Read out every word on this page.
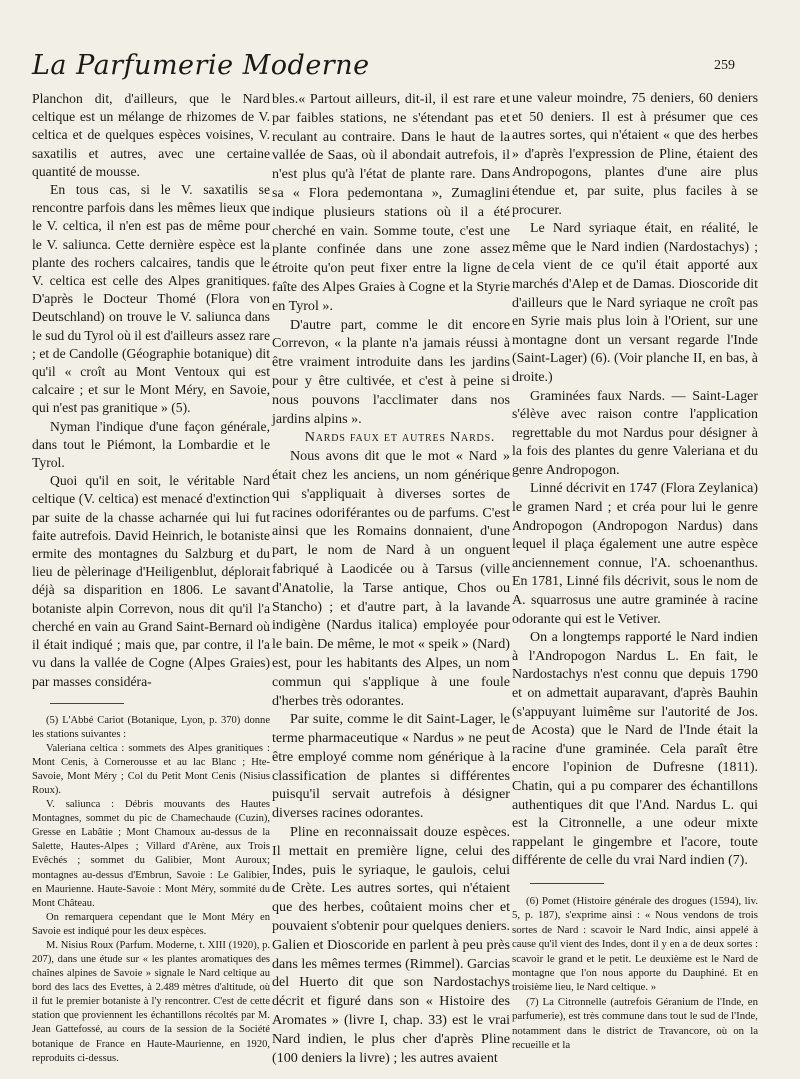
La Parfumerie Moderne	259

Planchon dit, d'ailleurs, que le Nard celtique est un mélange de rhizomes de V. celtica et de quelques espèces voisines, V. saxatilis et autres, avec une certaine quantité de mousse.

En tous cas, si le V. saxatilis se rencontre parfois dans les mêmes lieux que le V. celtica, il n'en est pas de même pour le V. saliunca. Cette dernière espèce est la plante des rochers calcaires, tandis que le V. celtica est celle des Alpes granitiques. D'après le Docteur Thomé (Flora von Deutschland) on trouve le V. saliunca dans le sud du Tyrol où il est d'ailleurs assez rare ; et de Candolle (Géographie botanique) dit qu'il « croît au Mont Ventoux qui est calcaire ; et sur le Mont Méry, en Savoie, qui n'est pas granitique » (5).

Nyman l'indique d'une façon générale, dans tout le Piémont, la Lombardie et le Tyrol.

Quoi qu'il en soit, le véritable Nard celtique (V. celtica) est menacé d'extinction par suite de la chasse acharnée qui lui fut faite autrefois. David Heinrich, le botaniste ermite des montagnes du Salzburg et du lieu de pèlerinage d'Heiligenblut, déplorait déjà sa disparition en 1806. Le savant botaniste alpin Correvon, nous dit qu'il l'a cherché en vain au Grand Saint-Bernard où il était indiqué ; mais que, par contre, il l'a vu dans la vallée de Cogne (Alpes Graies) par masses considéra-

(5) L'Abbé Cariot (Botanique, Lyon, p. 370) donne les stations suivantes :

Valeriana celtica : sommets des Alpes granitiques : Mont Cenis, à Cornerousse et au lac Blanc ; Hte-Savoie, Mont Méry ; Col du Petit Mont Cenis (Nisius Roux).

V. saliunca : Débris mouvants des Hautes Montagnes, sommet du pic de Chamechaude (Cuzin), Gresse en Labâtie ; Mont Chamoux au-dessus de la Salette, Hautes-Alpes ; Villard d'Arène, aux Trois Evêchés ; sommet du Galibier, Mont Auroux; montagnes au-dessus d'Embrun, Savoie : Le Galibier, en Maurienne. Haute-Savoie : Mont Méry, sommité du Mont Château.

On remarquera cependant que le Mont Méry en Savoie est indiqué pour les deux espèces.

M. Nisius Roux (Parfum. Moderne, t. XIII (1920), p. 207), dans une étude sur « les plantes aromatiques des chaînes alpines de Savoie » signale le Nard celtique au bord des lacs des Evettes, à 2.489 mètres d'altitude, où il fut le premier botaniste à l'y rencontrer. C'est de cette station que proviennent les échantillons récoltés par M. Jean Gattefossé, au cours de la session de la Société botanique de France en Haute-Maurienne, en 1920, reproduits ci-dessus.

bles.« Partout ailleurs, dit-il, il est rare et par faibles stations, ne s'étendant pas et reculant au contraire. Dans le haut de la vallée de Saas, où il abondait autrefois, il n'est plus qu'à l'état de plante rare. Dans sa « Flora pedemontana », Zumaglini indique plusieurs stations où il a été cherché en vain. Somme toute, c'est une plante confinée dans une zone assez étroite qu'on peut fixer entre la ligne de faîte des Alpes Graies à Cogne et la Styrie en Tyrol ».

D'autre part, comme le dit encore Correvon, « la plante n'a jamais réussi à être vraiment introduite dans les jardins pour y être cultivée, et c'est à peine si nous pouvons l'acclimater dans nos jardins alpins ».

Nards faux et autres Nards.

Nous avons dit que le mot « Nard » était chez les anciens, un nom générique qui s'appliquait à diverses sortes de racines odoriférantes ou de parfums. C'est ainsi que les Romains donnaient, d'une part, le nom de Nard à un onguent fabriqué à Laodicée ou à Tarsus (ville d'Anatolie, la Tarse antique, Chos ou Stancho) ; et d'autre part, à la lavande indigène (Nardus italica) employée pour le bain. De même, le mot « speik » (Nard) est, pour les habitants des Alpes, un nom commun qui s'applique à une foule d'herbes très odorantes.

Par suite, comme le dit Saint-Lager, le terme pharmaceutique « Nardus » ne peut être employé comme nom générique à la classification de plantes si différentes puisqu'il servait autrefois à désigner diverses racines odorantes.

Pline en reconnaissait douze espèces. Il mettait en première ligne, celui des Indes, puis le syriaque, le gaulois, celui de Crète. Les autres sortes, qui n'étaient que des herbes, coûtaient moins cher et pouvaient s'obtenir pour quelques deniers. Galien et Dioscoride en parlent à peu près dans les mêmes termes (Rimmel). Garcias del Huerto dit que son Nardostachys décrit et figuré dans son « Histoire des Aromates » (livre I, chap. 33) est le vrai Nard indien, le plus cher d'après Pline (100 deniers la livre) ; les autres avaient

une valeur moindre, 75 deniers, 60 deniers et 50 deniers. Il est à présumer que ces autres sortes, qui n'étaient « que des herbes » d'après l'expression de Pline, étaient des Andropogons, plantes d'une aire plus étendue et, par suite, plus faciles à se procurer.

Le Nard syriaque était, en réalité, le même que le Nard indien (Nardostachys) ; cela vient de ce qu'il était apporté aux marchés d'Alep et de Damas. Dioscoride dit d'ailleurs que le Nard syriaque ne croît pas en Syrie mais plus loin à l'Orient, sur une montagne dont un versant regarde l'Inde (Saint-Lager) (6). (Voir planche II, en bas, à droite.)

Graminées faux Nards. — Saint-Lager s'élève avec raison contre l'application regrettable du mot Nardus pour désigner à la fois des plantes du genre Valeriana et du genre Andropogon.

Linné décrivit en 1747 (Flora Zeylanica) le gramen Nard ; et créa pour lui le genre Andropogon (Andropogon Nardus) dans lequel il plaça également une autre espèce anciennement connue, l'A. schoenanthus. En 1781, Linné fils décrivit, sous le nom de A. squarrosus une autre graminée à racine odorante qui est le Vetiver.

On a longtemps rapporté le Nard indien à l'Andropogon Nardus L. En fait, le Nardostachys n'est connu que depuis 1790 et on admettait auparavant, d'après Bauhin (s'appuyant luimême sur l'autorité de Jos. de Acosta) que le Nard de l'Inde était la racine d'une graminée. Cela paraît être encore l'opinion de Dufresne (1811). Chatin, qui a pu comparer des échantillons authentiques dit que l'And. Nardus L. qui est la Citronnelle, a une odeur mixte rappelant le gingembre et l'acore, toute différente de celle du vrai Nard indien (7).

(6) Pomet (Histoire générale des drogues (1594), liv. 5, p. 187), s'exprime ainsi : « Nous vendons de trois sortes de Nard : scavoir le Nard Indic, ainsi appelé à cause qu'il vient des Indes, dont il y en a de deux sortes : scavoir le grand et le petit. Le deuxième est le Nard de montagne que l'on nous apporte du Dauphiné. Et en troisième lieu, le Nard celtique. »

(7) La Citronnelle (autrefois Géranium de l'Inde, en parfumerie), est très commune dans tout le sud de l'Inde, notamment dans le district de Travancore, où on la recueille et la
